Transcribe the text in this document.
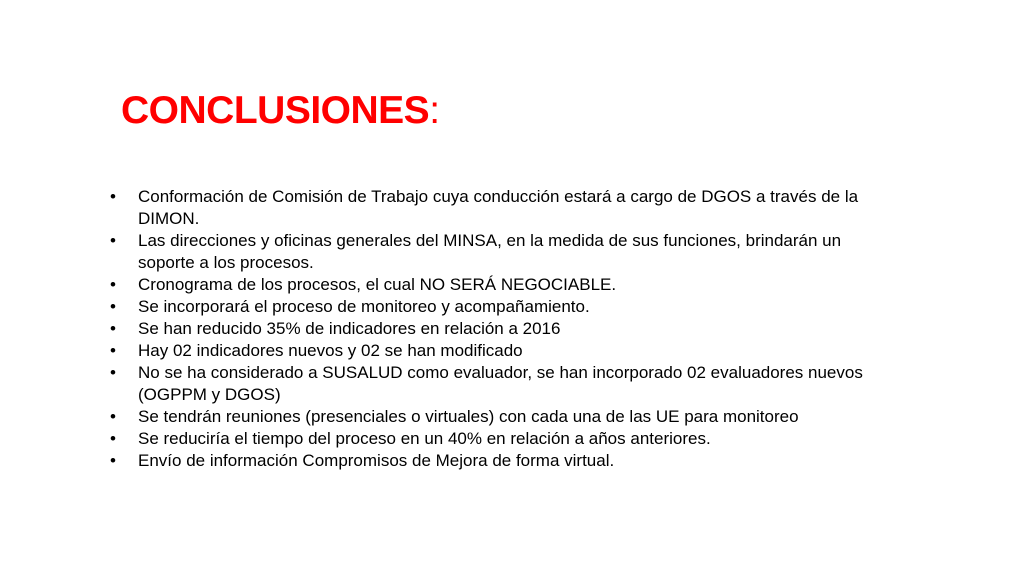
CONCLUSIONES:
•	Conformación de Comisión de Trabajo cuya conducción estará a cargo de DGOS a través de la DIMON.
•	Las direcciones y oficinas generales del MINSA, en la medida de sus funciones, brindarán un soporte a los procesos.
•	Cronograma de los procesos, el cual NO SERÁ NEGOCIABLE.
•	Se incorporará el proceso de monitoreo y acompañamiento.
•	Se han reducido 35% de indicadores en relación a 2016
•	Hay 02 indicadores nuevos y 02 se han modificado
•	No se ha considerado a SUSALUD como evaluador, se han incorporado 02 evaluadores nuevos (OGPPM y DGOS)
•	Se tendrán reuniones (presenciales o virtuales) con cada una de las UE para monitoreo
•	Se reduciría el tiempo del proceso en un 40% en relación a años anteriores.
•	Envío de información Compromisos de Mejora de forma virtual.
